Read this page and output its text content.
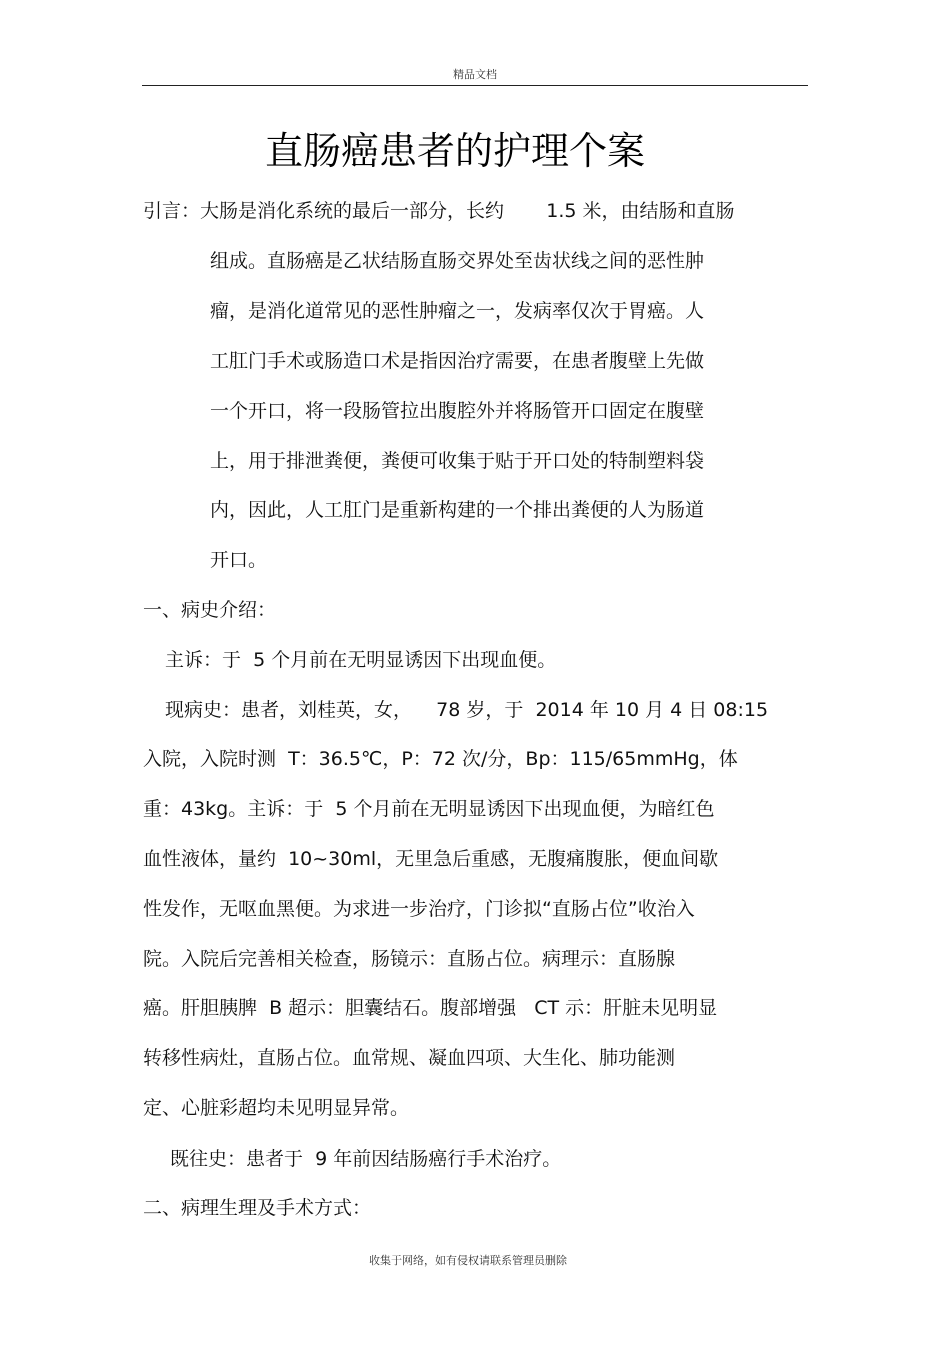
精品文档
直肠癌患者的护理个案
引言：大肠是消化系统的最后一部分，长约       1.5 米，由结肠和直肠
组成。直肠癌是乙状结肠直肠交界处至齿状线之间的恶性肿
瘤，是消化道常见的恶性肿瘤之一，发病率仅次于胃癌。人
工肛门手术或肠造口术是指因治疗需要，在患者腹壁上先做
一个开口，将一段肠管拉出腹腔外并将肠管开口固定在腹壁
上，用于排泄粪便，粪便可收集于贴于开口处的特制塑料袋
内，因此，人工肛门是重新构建的一个排出粪便的人为肠道
开口。
一、病史介绍：
主诉：于  5 个月前在无明显诱因下出现血便。
现病史：患者，刘桂英，女，    78 岁，于  2014 年 10 月 4 日 08:15
入院，入院时测  T：36.5℃，P：72 次/分，Bp：115/65mmHg，体
重：43kg。主诉：于  5 个月前在无明显诱因下出现血便，为暗红色
血性液体，量约  10~30ml，无里急后重感，无腹痛腹胀，便血间歇
性发作，无呕血黑便。为求进一步治疗，门诊拟“直肠占位”收治入
院。入院后完善相关检查，肠镜示：直肠占位。病理示：直肠腺
癌。肝胆胰脾  B 超示：胆囊结石。腹部增强   CT 示：肝脏未见明显
转移性病灶，直肠占位。血常规、凝血四项、大生化、肺功能测
定、心脏彩超均未见明显异常。
既往史：患者于  9 年前因结肠癌行手术治疗。
二、病理生理及手术方式：
收集于网络，如有侵权请联系管理员删除
